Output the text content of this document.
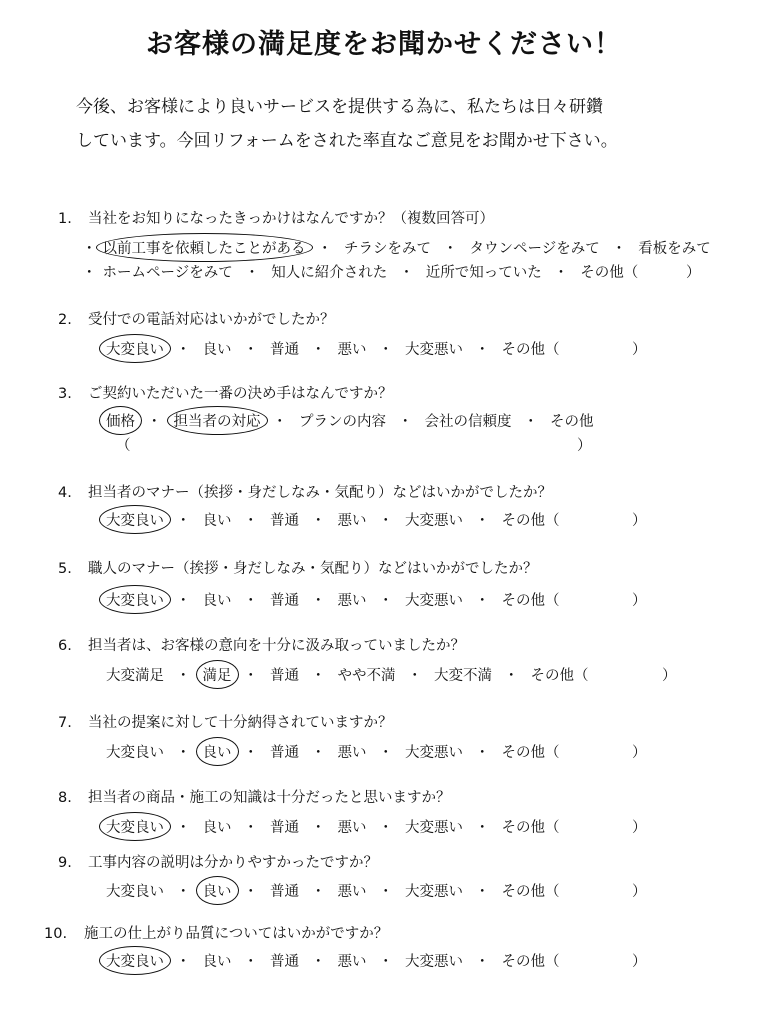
お客様の満足度をお聞かせください！
今後、お客様により良いサービスを提供する為に、私たちは日々研鑽
しています。今回リフォームをされた率直なご意見をお聞かせ下さい。
1. 当社をお知りになったきっかけはなんですか？（複数回答可）
・ 以前工事を依頼したことがある ・ チラシをみて ・ タウンページをみて ・ 看板をみて
・ ホームページをみて ・ 知人に紹介された ・ 近所で知っていた ・ その他（	）
2. 受付での電話対応はいかがでしたか？
大変良い ・ 良い ・ 普通 ・ 悪い ・ 大変悪い ・ その他（	）
3. ご契約いただいた一番の決め手はなんですか？
価格 ・ 担当者の対応 ・ プランの内容 ・ 会社の信頼度 ・ その他
（	）
4. 担当者のマナー（挨拶・身だしなみ・気配り）などはいかがでしたか？
大変良い ・ 良い ・ 普通 ・ 悪い ・ 大変悪い ・ その他（	）
5. 職人のマナー（挨拶・身だしなみ・気配り）などはいかがでしたか？
大変良い ・ 良い ・ 普通 ・ 悪い ・ 大変悪い ・ その他（	）
6. 担当者は、お客様の意向を十分に汲み取っていましたか？
大変満足 ・ 満足 ・ 普通 ・ やや不満 ・ 大変不満 ・ その他（	）
7. 当社の提案に対して十分納得されていますか？
大変良い ・ 良い ・ 普通 ・ 悪い ・ 大変悪い ・ その他（	）
8. 担当者の商品・施工の知識は十分だったと思いますか？
大変良い ・ 良い ・ 普通 ・ 悪い ・ 大変悪い ・ その他（	）
9. 工事内容の説明は分かりやすかったですか？
大変良い ・ 良い ・ 普通 ・ 悪い ・ 大変悪い ・ その他（	）
10. 施工の仕上がり品質についてはいかがですか？
大変良い ・ 良い ・ 普通 ・ 悪い ・ 大変悪い ・ その他（	）
